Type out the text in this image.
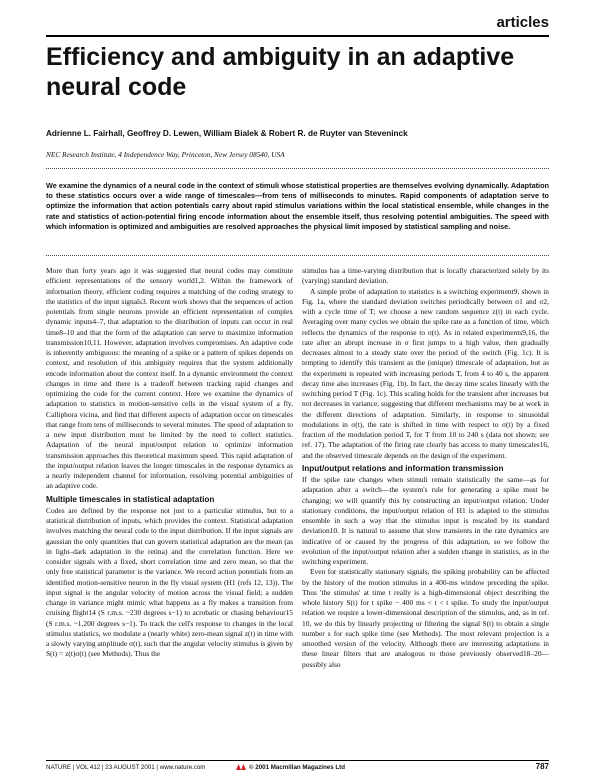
articles
Efficiency and ambiguity in an adaptive neural code
Adrienne L. Fairhall, Geoffrey D. Lewen, William Bialek & Robert R. de Ruyter van Steveninck
NEC Research Institute, 4 Independence Way, Princeton, New Jersey 08540, USA

We examine the dynamics of a neural code in the context of stimuli whose statistical properties are themselves evolving dynamically. Adaptation to these statistics occurs over a wide range of timescales—from tens of milliseconds to minutes. Rapid components of adaptation serve to optimize the information that action potentials carry about rapid stimulus variations within the local statistical ensemble, while changes in the rate and statistics of action-potential firing encode information about the ensemble itself, thus resolving potential ambiguities. The speed with which information is optimized and ambiguities are resolved approaches the physical limit imposed by statistical sampling and noise.

More than forty years ago it was suggested that neural codes may constitute efficient representations of the sensory world1,2. Within the framework of information theory, efficient coding requires a matching of the coding strategy to the statistics of the input signals3. Recent work shows that the sequences of action potentials from single neurons provide an efficient representation of complex dynamic inputs4–7, that adaptation to the distribution of inputs can occur in real time8–10 and that the form of the adaptation can serve to maximize information transmission10,11. However, adaptation involves compromises. An adaptive code is inherently ambiguous: the meaning of a spike or a pattern of spikes depends on context, and resolution of this ambiguity requires that the system additionally encode information about the context itself. In a dynamic environment the context changes in time and there is a tradeoff between tracking rapid changes and optimizing the code for the current context. Here we examine the dynamics of adaptation to statistics in motion-sensitive cells in the visual system of a fly, Calliphora vicina, and find that different aspects of adaptation occur on timescales that range from tens of milliseconds to several minutes. The speed of adaptation to a new input distribution must be limited by the need to collect statistics. Adaptation of the neural input/output relation to optimize information transmission approaches this theoretical maximum speed. This rapid adaptation of the input/output relation leaves the longer timescales in the response dynamics as a nearly independent channel for information, resolving potential ambiguities of an adaptive code.

Multiple timescales in statistical adaptation

Codes are defined by the response not just to a particular stimulus, but to a statistical distribution of inputs, which provides the context. Statistical adaptation involves matching the neural code to the input distribution. If the input signals are gaussian the only quantities that can govern statistical adaptation are the mean (as in light–dark adaptation in the retina) and the correlation function. Here we consider signals with a fixed, short correlation time and zero mean, so that the only free statistical parameter is the variance. We record action potentials from an identified motion-sensitive neuron in the fly visual system (H1 (refs 12, 13)). The input signal is the angular velocity of motion across the visual field; a sudden change in variance might mimic what happens as a fly makes a transition from cruising flight14 (S r.m.s. ~230 degrees s−1) to acrobatic or chasing behaviour15 (S r.m.s. ~1,200 degrees s−1). To track the cell's response to changes in the local stimulus statistics, we modulate a (nearly white) zero-mean signal z(t) in time with a slowly varying amplitude σ(t), such that the angular velocity stimulus is given by S(t) = z(t)σ(t) (see Methods). Thus the

stimulus has a time-varying distribution that is locally characterized solely by its (varying) standard deviation.

A simple probe of adaptation to statistics is a switching experiment9, shown in Fig. 1a, where the standard deviation switches periodically between σ1 and σ2, with a cycle time of T; we choose a new random sequence z(t) in each cycle. Averaging over many cycles we obtain the spike rate as a function of time, which reflects the dynamics of the response to σ(t). As in related experiments9,16, the rate after an abrupt increase in σ first jumps to a high value, then gradually decreases almost to a steady state over the period of the switch (Fig. 1c). It is tempting to identify this transient as the (unique) timescale of adaptation, but as the experiment is repeated with increasing periods T, from 4 to 40 s, the apparent decay time also increases (Fig. 1b). In fact, the decay time scales linearly with the switching period T (Fig. 1c). This scaling holds for the transient after increases but not decreases in variance, suggesting that different mechanisms may be at work in the different directions of adaptation. Similarly, in response to sinusoidal modulations in σ(t), the rate is shifted in time with respect to σ(t) by a fixed fraction of the modulation period T, for T from 10 to 240 s (data not shown; see ref. 17). The adaptation of the firing rate clearly has access to many timescales16, and the observed timescale depends on the design of the experiment.

Input/output relations and information transmission

If the spike rate changes when stimuli remain statistically the same—as for adaptation after a switch—the system's rule for generating a spike must be changing; we will quantify this by constructing an input/output relation. Under stationary conditions, the input/output relation of H1 is adapted to the stimulus ensemble in such a way that the stimulus input is rescaled by its standard deviation10. It is natural to assume that slow transients in the rate dynamics are indicative of or caused by the progress of this adaptation, so we follow the evolution of the input/output relation after a sudden change in statistics, as in the switching experiment.

Even for statistically stationary signals, the spiking probability can be affected by the history of the motion stimulus in a 400-ms window preceding the spike. Thus 'the stimulus' at time t really is a high-dimensional object describing the whole history S(t) for t spike − 400 ms < t < t spike. To study the input/output relation we require a lower-dimensional description of the stimulus, and, as in ref. 10, we do this by linearly projecting or filtering the signal S(t) to obtain a single number s for each spike time (see Methods). The most relevant projection is a smoothed version of the velocity. Although there are interesting adaptations in these linear filters that are analogous to those previously observed18–20—possibly also

NATURE | VOL 412 | 23 AUGUST 2001 | www.nature.com	© 2001 Macmillan Magazines Ltd	787
